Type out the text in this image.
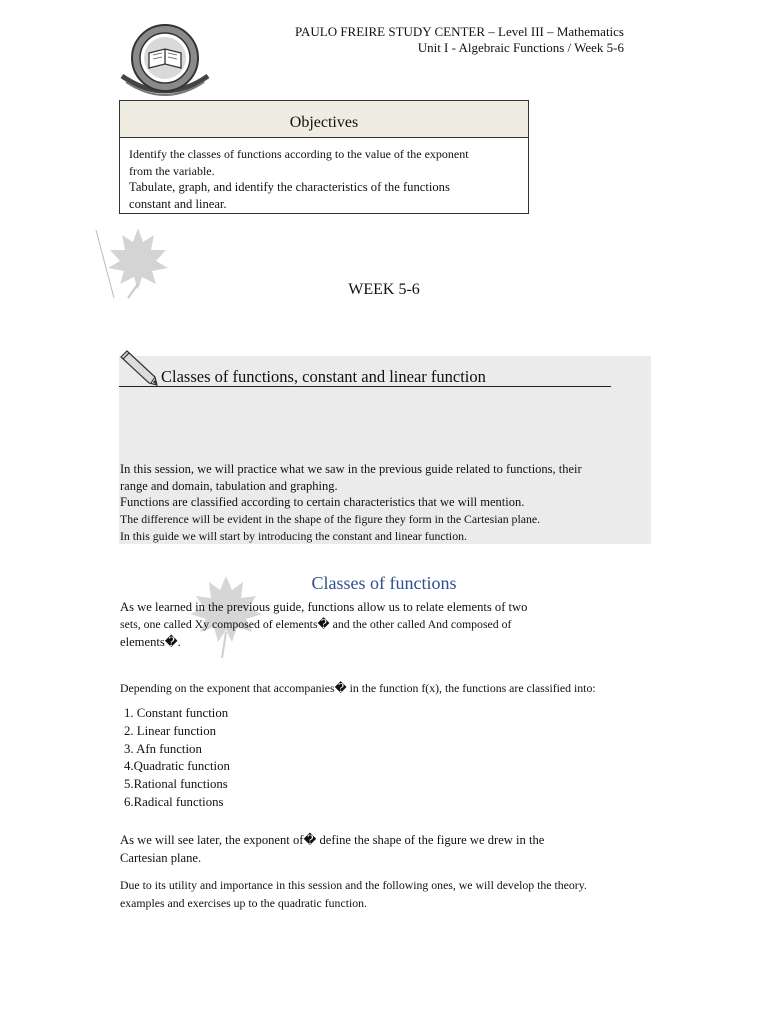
PAULO FREIRE STUDY CENTER – Level III – Mathematics
Unit I - Algebraic Functions / Week 5-6
Objectives
Identify the classes of functions according to the value of the exponent
from the variable.
Tabulate, graph, and identify the characteristics of the functions
constant and linear.
WEEK 5-6
Classes of functions, constant and linear function
In this session, we will practice what we saw in the previous guide related to functions, their
range and domain, tabulation and graphing.
Functions are classified according to certain characteristics that we will mention.
The difference will be evident in the shape of the figure they form in the Cartesian plane.
In this guide we will start by introducing the constant and linear function.
Classes of functions
As we learned in the previous guide, functions allow us to relate elements of two
sets, one called Xy composed of elements� and the other called And composed of
elements�.
Depending on the exponent that accompanies� in the function f(x), the functions are classified into:
1. Constant function
2. Linear function
3. Afn function
4.Quadratic function
5.Rational functions
6.Radical functions
As we will see later, the exponent of� define the shape of the figure we drew in the
Cartesian plane.
Due to its utility and importance in this session and the following ones, we will develop the theory.
examples and exercises up to the quadratic function.
